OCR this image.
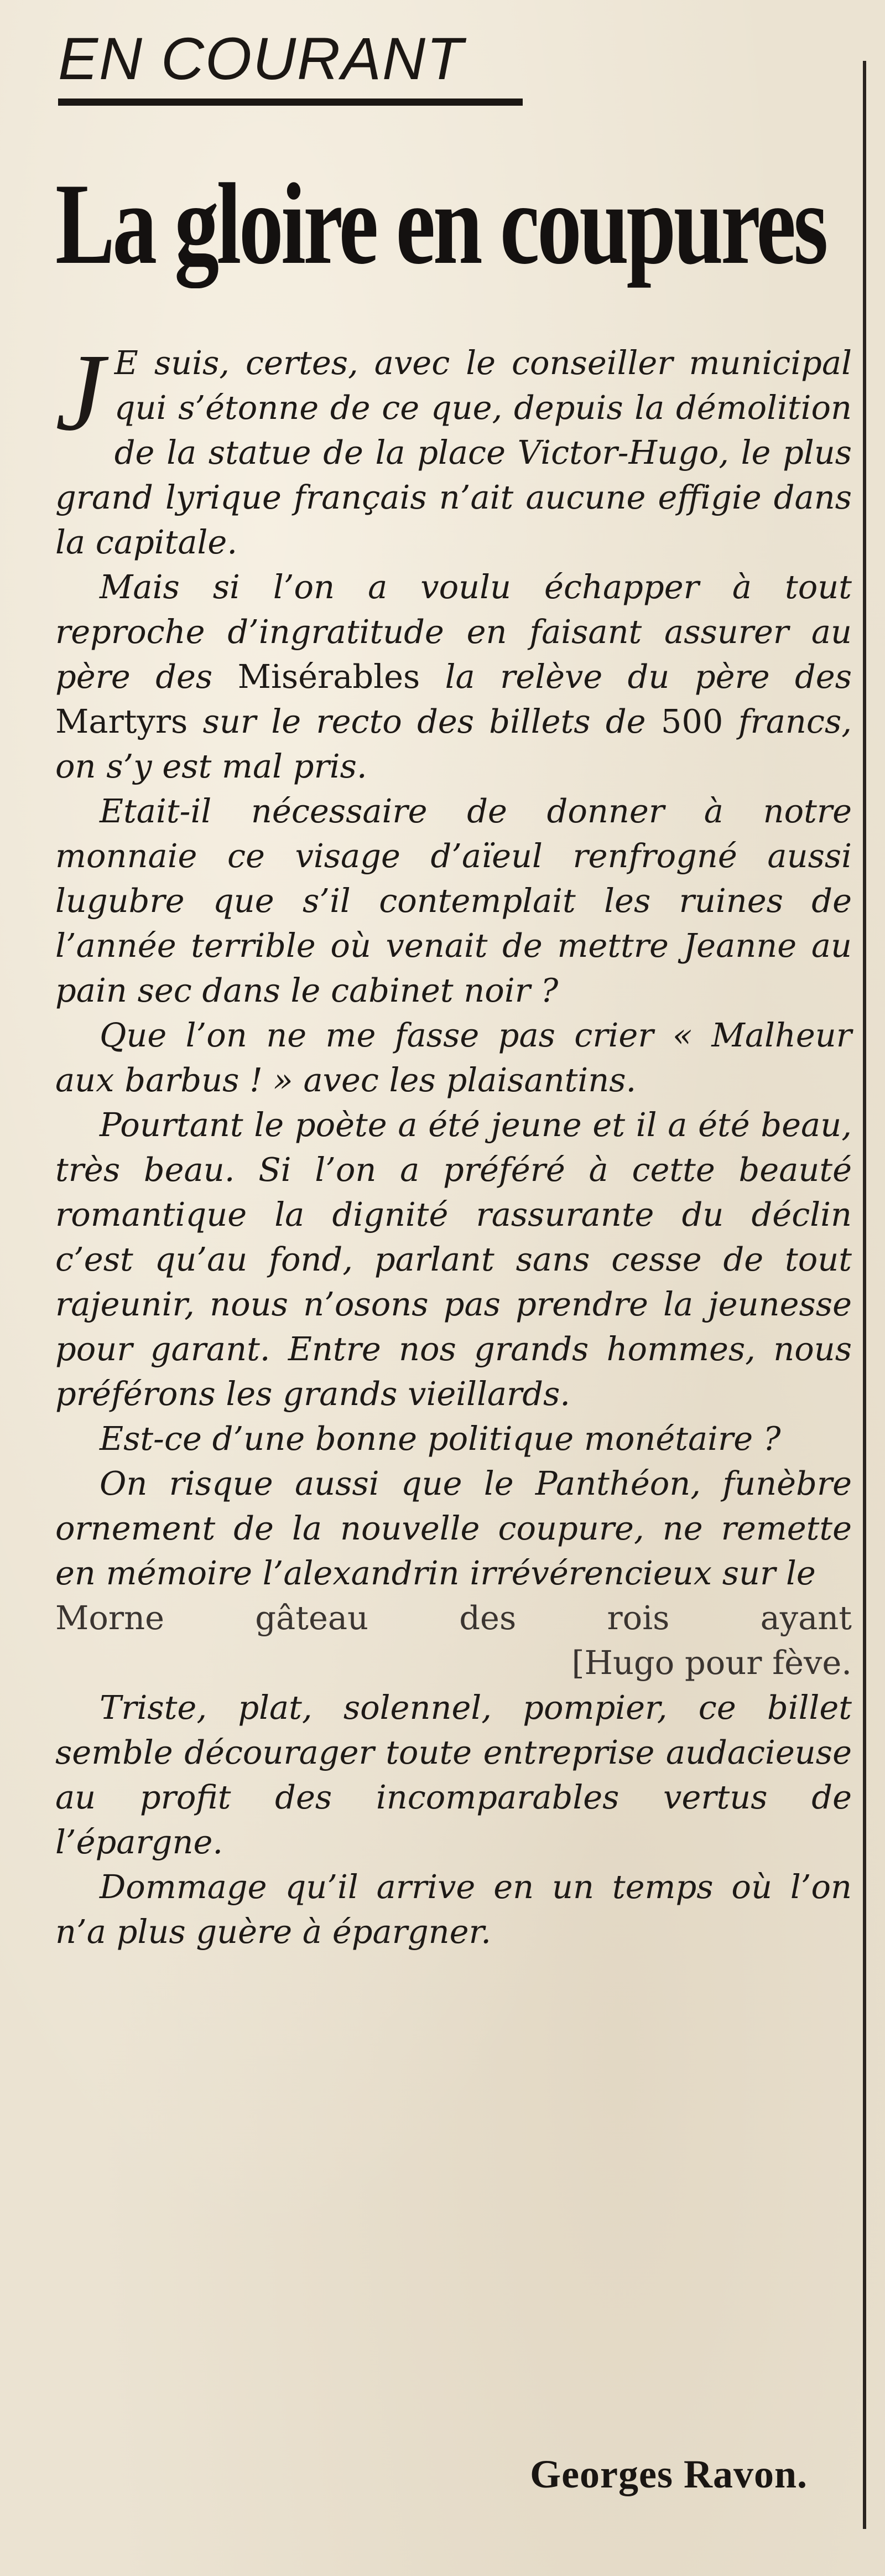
EN COURANT
La gloire en coupures

J E suis, certes, avec le conseiller municipal qui s’étonne de ce que, depuis la démolition de la statue de la place Victor-Hugo, le plus grand lyrique français n’ait aucune effigie dans la capitale.

Mais si l’on a voulu échapper à tout reproche d’ingratitude en faisant assurer au père des Misérables la relève du père des Martyrs sur le recto des billets de 500 francs, on s’y est mal pris.

Etait-il nécessaire de donner à notre monnaie ce visage d’aïeul renfrogné aussi lugubre que s’il contemplait les ruines de l’année terrible où venait de mettre Jeanne au pain sec dans le cabinet noir ?

Que l’on ne me fasse pas crier « Malheur aux barbus ! » avec les plaisantins.

Pourtant le poète a été jeune et il a été beau, très beau. Si l’on a préféré à cette beauté romantique la dignité rassurante du déclin c’est qu’au fond, parlant sans cesse de tout rajeunir, nous n’osons pas prendre la jeunesse pour garant. Entre nos grands hommes, nous préférons les grands vieillards.

Est-ce d’une bonne politique monétaire ?

On risque aussi que le Panthéon, funèbre ornement de la nouvelle coupure, ne remette en mémoire l’alexandrin irrévérencieux sur le

Morne gâteau des rois ayant

[Hugo pour fève.

Triste, plat, solennel, pompier, ce billet semble décourager toute entreprise audacieuse au profit des incomparables vertus de l’épargne.

Dommage qu’il arrive en un temps où l’on n’a plus guère à épargner.

Georges Ravon.
